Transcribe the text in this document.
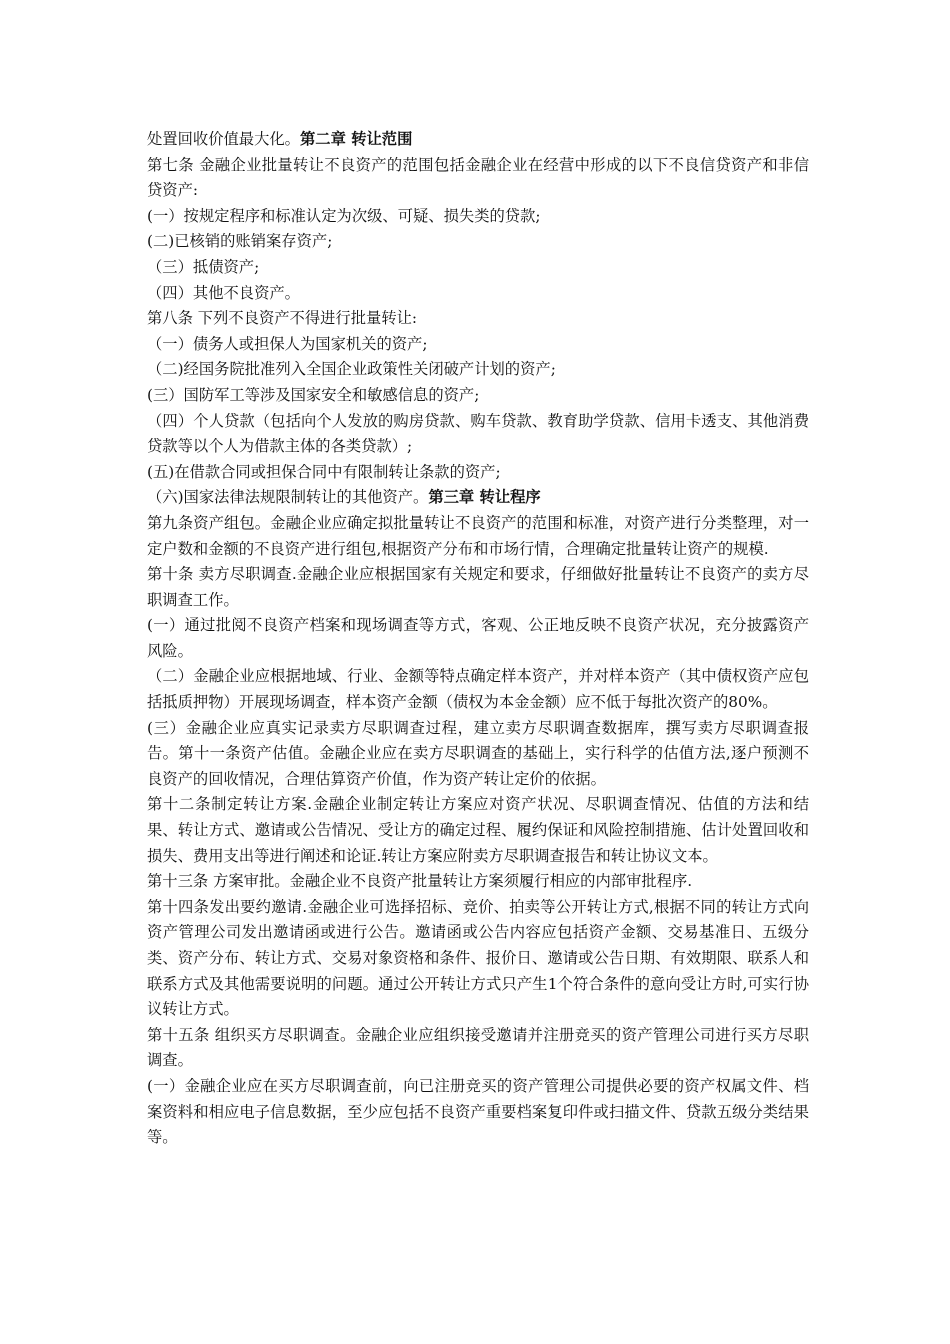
处置回收价值最大化。第二章 转让范围

第七条 金融企业批量转让不良资产的范围包括金融企业在经营中形成的以下不良信贷资产和非信贷资产:

(一）按规定程序和标准认定为次级、可疑、损失类的贷款;

(二)已核销的账销案存资产;

（三）抵债资产;

（四）其他不良资产。

第八条 下列不良资产不得进行批量转让:

（一）债务人或担保人为国家机关的资产;

（二)经国务院批准列入全国企业政策性关闭破产计划的资产;

(三）国防军工等涉及国家安全和敏感信息的资产;

（四）个人贷款（包括向个人发放的购房贷款、购车贷款、教育助学贷款、信用卡透支、其他消费贷款等以个人为借款主体的各类贷款）;

(五)在借款合同或担保合同中有限制转让条款的资产;

（六)国家法律法规限制转让的其他资产。第三章 转让程序

第九条资产组包。金融企业应确定拟批量转让不良资产的范围和标准，对资产进行分类整理，对一定户数和金额的不良资产进行组包,根据资产分布和市场行情，合理确定批量转让资产的规模.

第十条 卖方尽职调查.金融企业应根据国家有关规定和要求，仔细做好批量转让不良资产的卖方尽职调查工作。

(一）通过批阅不良资产档案和现场调查等方式，客观、公正地反映不良资产状况，充分披露资产风险。

（二）金融企业应根据地域、行业、金额等特点确定样本资产，并对样本资产（其中债权资产应包括抵质押物）开展现场调查，样本资产金额（债权为本金金额）应不低于每批次资产的80%。

(三）金融企业应真实记录卖方尽职调查过程，建立卖方尽职调查数据库，撰写卖方尽职调查报告。第十一条资产估值。金融企业应在卖方尽职调查的基础上，实行科学的估值方法,逐户预测不良资产的回收情况，合理估算资产价值，作为资产转让定价的依据。

第十二条制定转让方案.金融企业制定转让方案应对资产状况、尽职调查情况、估值的方法和结果、转让方式、邀请或公告情况、受让方的确定过程、履约保证和风险控制措施、估计处置回收和损失、费用支出等进行阐述和论证.转让方案应附卖方尽职调查报告和转让协议文本。

第十三条 方案审批。金融企业不良资产批量转让方案须履行相应的内部审批程序.

第十四条发出要约邀请.金融企业可选择招标、竞价、拍卖等公开转让方式,根据不同的转让方式向资产管理公司发出邀请函或进行公告。邀请函或公告内容应包括资产金额、交易基准日、五级分类、资产分布、转让方式、交易对象资格和条件、报价日、邀请或公告日期、有效期限、联系人和联系方式及其他需要说明的问题。通过公开转让方式只产生1个符合条件的意向受让方时,可实行协议转让方式。

第十五条 组织买方尽职调查。金融企业应组织接受邀请并注册竞买的资产管理公司进行买方尽职调查。

(一）金融企业应在买方尽职调查前，向已注册竞买的资产管理公司提供必要的资产权属文件、档案资料和相应电子信息数据，至少应包括不良资产重要档案复印件或扫描文件、贷款五级分类结果等。
